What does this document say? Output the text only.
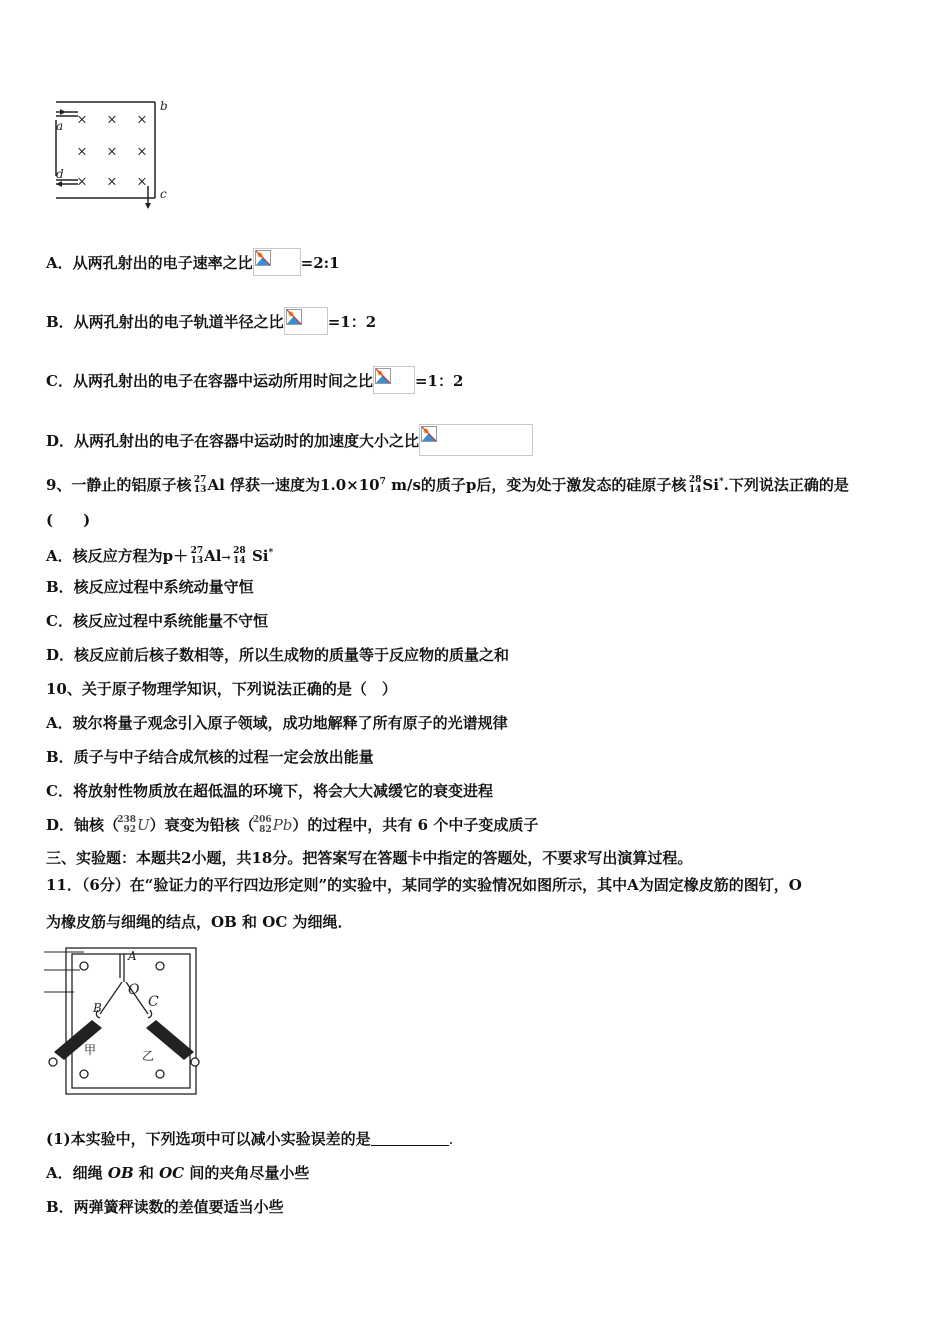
× × ×
× × ×
× × ×
a
b
c
d
A．从两孔射出的电子速率之比	=2:1
B．从两孔射出的电子轨道半径之比	=1：2
C．从两孔射出的电子在容器中运动所用时间之比	=1：2
D．从两孔射出的电子在容器中运动时的加速度大小之比
9、一静止的铝原子核 27
13 Al 俘获一速度为$1.0\times 10^7$ m/s的质子p后，变为处于激发态的硅原子核 28
14 Si*.下列说法正确的是
(　　)
A．核反应方程为p＋ 27
13 Al→ 28
14 Si*
B．核反应过程中系统动量守恒
C．核反应过程中系统能量不守恒
D．核反应前后核子数相等，所以生成物的质量等于反应物的质量之和
10、关于原子物理学知识，下列说法正确的是（　）
A．玻尔将量子观念引入原子领域，成功地解释了所有原子的光谱规律
B．质子与中子结合成氘核的过程一定会放出能量
C．将放射性物质放在超低温的环境下，将会大大减缓它的衰变进程
D．铀核（
238
92 U）衰变为铅核（
206
82 Pb）的过程中，共有 6 个中子变成质子
三、实验题：本题共2小题，共18分。把答案写在答题卡中指定的答题处，不要求写出演算过程。
11．（6分）在“验证力的平行四边形定则”的实验中，某同学的实验情况如图所示，其中A为固定橡皮筋的图钉，O
为橡皮筋与细绳的结点，OB 和 OC 为细绳．
A
O
B	C
甲	乙
(1)本实验中，下列选项中可以减小实验误差的是	.
A．细绳 OB 和 OC 间的夹角尽量小些
B．两弹簧秤读数的差值要适当小些
